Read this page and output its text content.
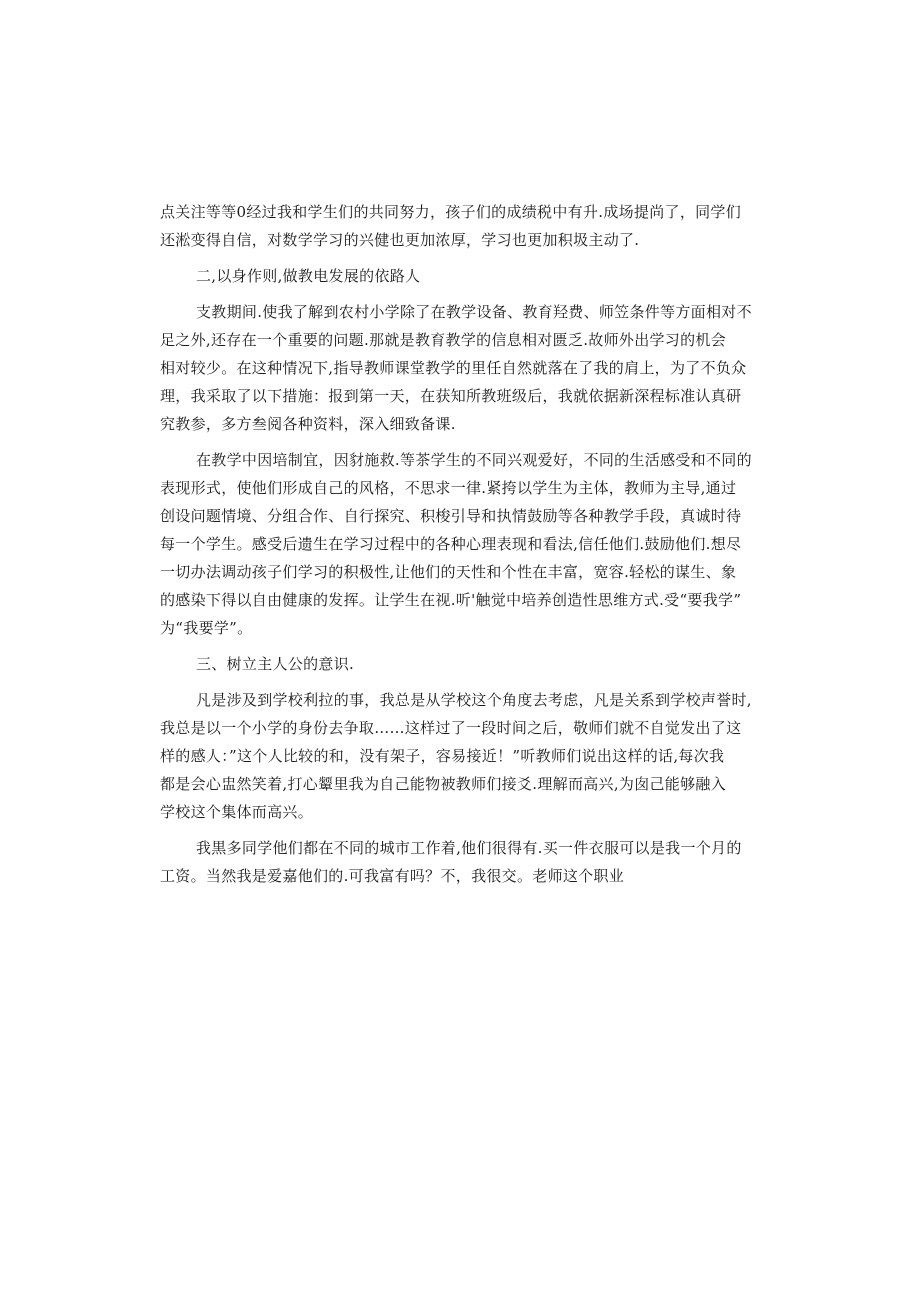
点关注等等0经过我和学生们的共同努力，孩子们的成绩税中有升.成场提尚了，同学们
还淞变得自信，对数学学习的兴健也更加浓厚，学习也更加积圾主动了.
二,以身作则,做教电发展的依路人
支教期间.使我了解到农村小学除了在教学设备、教育羟费、师笠条件等方面相对不
足之外,还存在一个重要的问题.那就是教育教学的信息相对匮乏.故师外出学习的机会
相对较少。在这种情况下,指导教师课堂教学的里任自然就落在了我的肩上，为了不负众
理，我采取了以下措施：报到第一天，在获知所教班级后，我就依据新深程标准认真研
究教参，多方叁阅各种资料，深入细致备课.
在教学中因培制宜，因豺施救.等茶学生的不同兴观爱好，不同的生活感受和不同的
表现形式，使他们形成自己的风格，不思求一律.紧挎以学生为主体，教师为主导,通过
创设问题情境、分组合作、自行探究、积梭引导和执情鼓励等各种教学手段，真诚时待
每一个学生。感受后遗生在学习过程中的各种心理表现和看法,信任他们.鼓励他们.想尽
一切办法调动孩子们学习的积极性,让他们的天性和个性在丰富，宽容.轻松的谋生、象
的感染下得以自由健康的发挥。让学生在视.听'触觉中培养创造性思维方式.受“要我学”
为“我要学”。
三、树立主人公的意识.
凡是涉及到学校利拉的事，我总是从学校这个角度去考虑，凡是关系到学校声誉时,
我总是以一个小学的身份去争取……这样过了一段时间之后，敬师们就不自觉发出了这
样的感人：”这个人比较的和，没有架子，容易接近！”听教师们说出这样的话,每次我
都是会心盅然笑着,打心颦里我为自己能物被教师们接爻.理解而高兴,为囱己能够融入
学校这个集体而高兴。
我黒多同学他们都在不同的城市工作着,他们很得有.买一件衣服可以是我一个月的
工资。当然我是爱嘉他们的.可我富有吗？不，我很交。老师这个职业
